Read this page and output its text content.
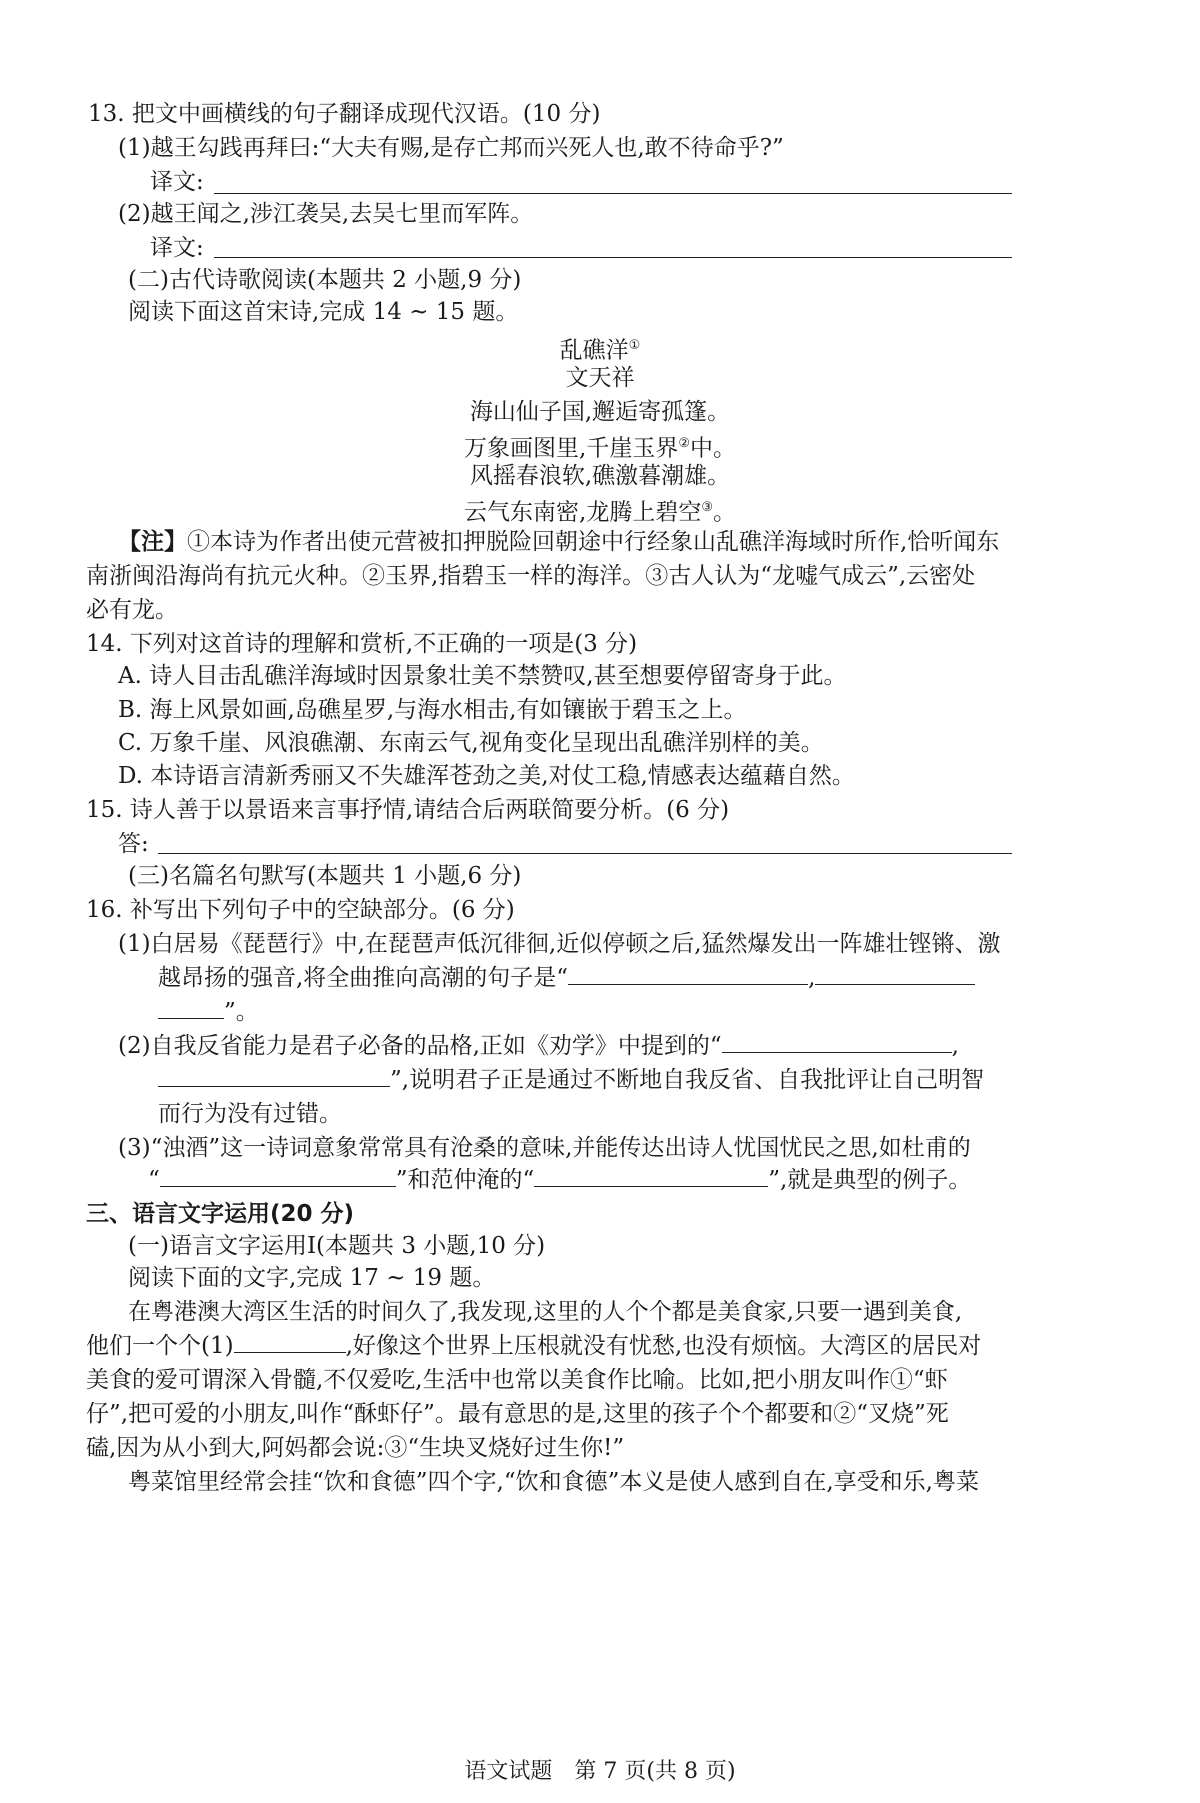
13. 把文中画横线的句子翻译成现代汉语。(10 分)
(1)越王勾践再拜曰:“大夫有赐,是存亡邦而兴死人也,敢不待命乎?”
译文:
(2)越王闻之,涉江袭吴,去吴七里而军阵。
译文:
(二)古代诗歌阅读(本题共 2 小题,9 分)
阅读下面这首宋诗,完成 14 ~ 15 题。
乱礁洋①
文天祥
海山仙子国,邂逅寄孤篷。
万象画图里,千崖玉界②中。
风摇春浪软,礁激暮潮雄。
云气东南密,龙腾上碧空③。
【注】①本诗为作者出使元营被扣押脱险回朝途中行经象山乱礁洋海域时所作,恰听闻东
南浙闽沿海尚有抗元火种。②玉界,指碧玉一样的海洋。③古人认为“龙嘘气成云”,云密处
必有龙。
14. 下列对这首诗的理解和赏析,不正确的一项是(3 分)
A. 诗人目击乱礁洋海域时因景象壮美不禁赞叹,甚至想要停留寄身于此。
B. 海上风景如画,岛礁星罗,与海水相击,有如镶嵌于碧玉之上。
C. 万象千崖、风浪礁潮、东南云气,视角变化呈现出乱礁洋别样的美。
D. 本诗语言清新秀丽又不失雄浑苍劲之美,对仗工稳,情感表达蕴藉自然。
15. 诗人善于以景语来言事抒情,请结合后两联简要分析。(6 分)
答:
(三)名篇名句默写(本题共 1 小题,6 分)
16. 补写出下列句子中的空缺部分。(6 分)
(1)白居易《琵琶行》中,在琵琶声低沉徘徊,近似停顿之后,猛然爆发出一阵雄壮铿锵、激
越昂扬的强音,将全曲推向高潮的句子是“	,
”。
(2)自我反省能力是君子必备的品格,正如《劝学》中提到的“	,
”,说明君子正是通过不断地自我反省、自我批评让自己明智
而行为没有过错。
(3)“浊酒”这一诗词意象常常具有沧桑的意味,并能传达出诗人忧国忧民之思,如杜甫的
“	”和范仲淹的“	”,就是典型的例子。
三、语言文字运用(20 分)
(一)语言文字运用Ⅰ(本题共 3 小题,10 分)
阅读下面的文字,完成 17 ~ 19 题。
在粤港澳大湾区生活的时间久了,我发现,这里的人个个都是美食家,只要一遇到美食,
他们一个个(1)	,好像这个世界上压根就没有忧愁,也没有烦恼。大湾区的居民对
美食的爱可谓深入骨髓,不仅爱吃,生活中也常以美食作比喻。比如,把小朋友叫作①“虾
仔”,把可爱的小朋友,叫作“酥虾仔”。最有意思的是,这里的孩子个个都要和②“叉烧”死
磕,因为从小到大,阿妈都会说:③“生块叉烧好过生你!”
粤菜馆里经常会挂“饮和食德”四个字,“饮和食德”本义是使人感到自在,享受和乐,粤菜
语文试题　第 7 页(共 8 页)
